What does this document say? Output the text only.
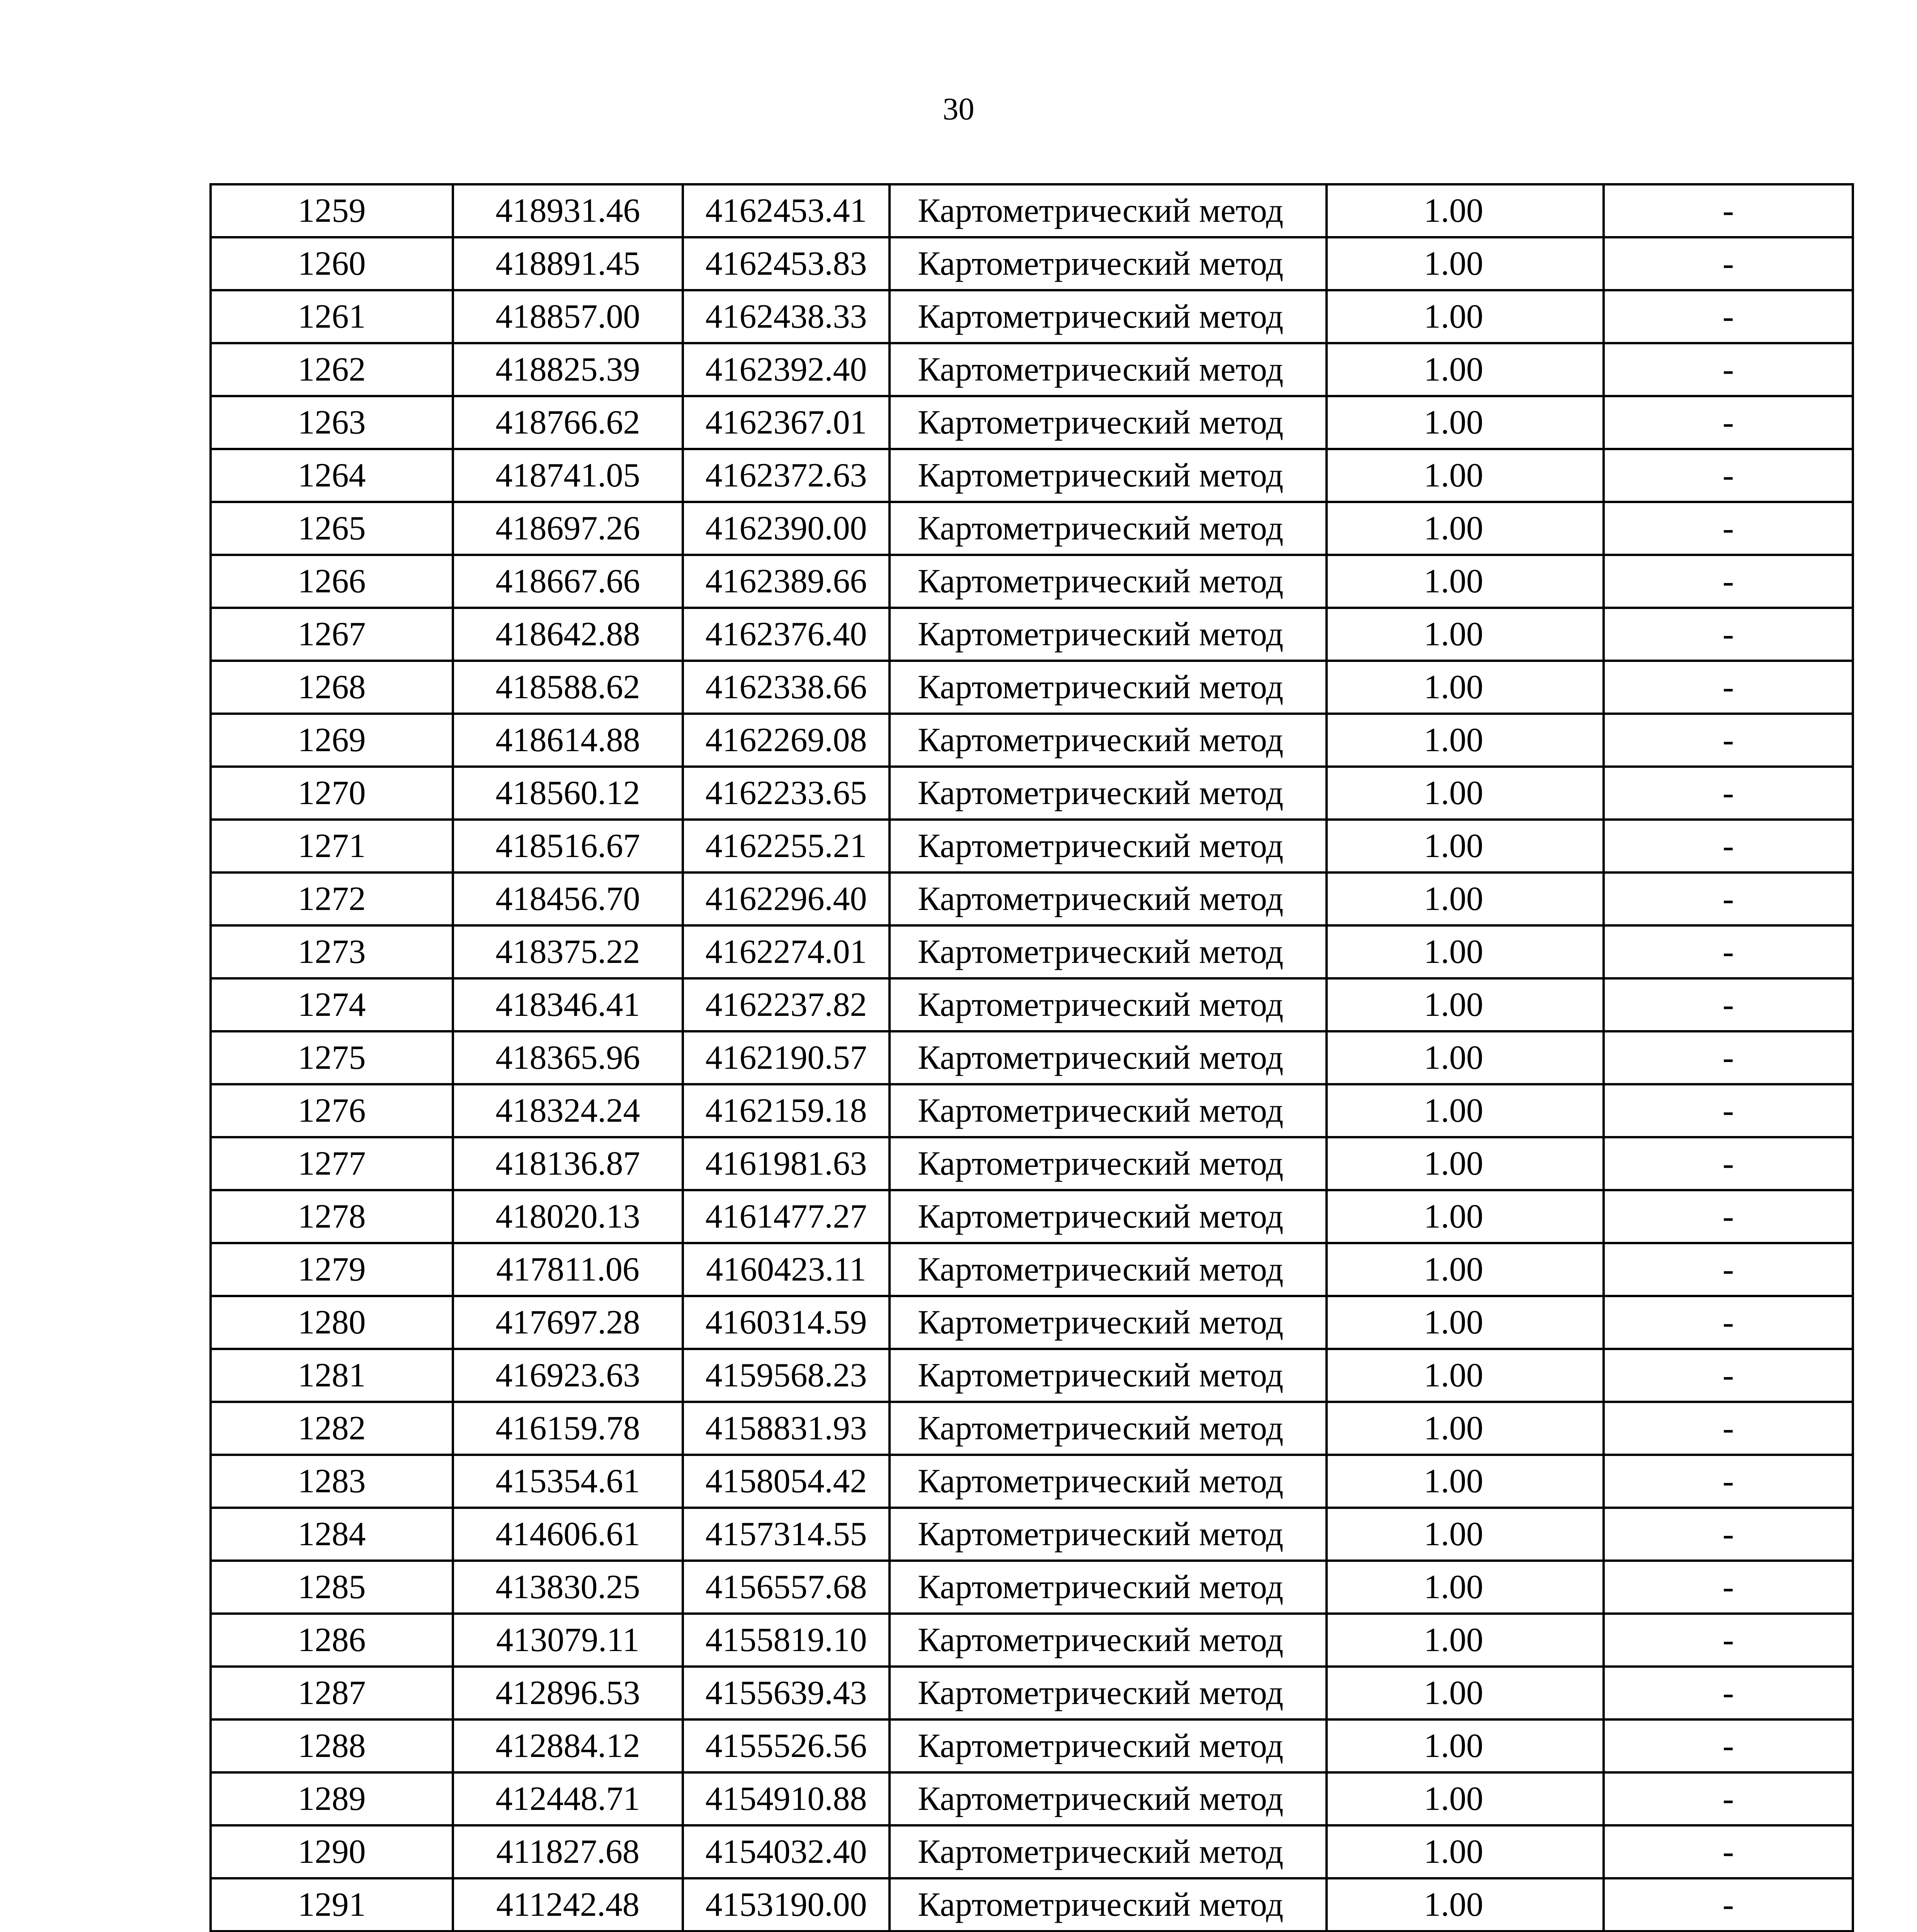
30
1259	418931.46	4162453.41	Картометрический метод	1.00	-
1260	418891.45	4162453.83	Картометрический метод	1.00	-
1261	418857.00	4162438.33	Картометрический метод	1.00	-
1262	418825.39	4162392.40	Картометрический метод	1.00	-
1263	418766.62	4162367.01	Картометрический метод	1.00	-
1264	418741.05	4162372.63	Картометрический метод	1.00	-
1265	418697.26	4162390.00	Картометрический метод	1.00	-
1266	418667.66	4162389.66	Картометрический метод	1.00	-
1267	418642.88	4162376.40	Картометрический метод	1.00	-
1268	418588.62	4162338.66	Картометрический метод	1.00	-
1269	418614.88	4162269.08	Картометрический метод	1.00	-
1270	418560.12	4162233.65	Картометрический метод	1.00	-
1271	418516.67	4162255.21	Картометрический метод	1.00	-
1272	418456.70	4162296.40	Картометрический метод	1.00	-
1273	418375.22	4162274.01	Картометрический метод	1.00	-
1274	418346.41	4162237.82	Картометрический метод	1.00	-
1275	418365.96	4162190.57	Картометрический метод	1.00	-
1276	418324.24	4162159.18	Картометрический метод	1.00	-
1277	418136.87	4161981.63	Картометрический метод	1.00	-
1278	418020.13	4161477.27	Картометрический метод	1.00	-
1279	417811.06	4160423.11	Картометрический метод	1.00	-
1280	417697.28	4160314.59	Картометрический метод	1.00	-
1281	416923.63	4159568.23	Картометрический метод	1.00	-
1282	416159.78	4158831.93	Картометрический метод	1.00	-
1283	415354.61	4158054.42	Картометрический метод	1.00	-
1284	414606.61	4157314.55	Картометрический метод	1.00	-
1285	413830.25	4156557.68	Картометрический метод	1.00	-
1286	413079.11	4155819.10	Картометрический метод	1.00	-
1287	412896.53	4155639.43	Картометрический метод	1.00	-
1288	412884.12	4155526.56	Картометрический метод	1.00	-
1289	412448.71	4154910.88	Картометрический метод	1.00	-
1290	411827.68	4154032.40	Картометрический метод	1.00	-
1291	411242.48	4153190.00	Картометрический метод	1.00	-
